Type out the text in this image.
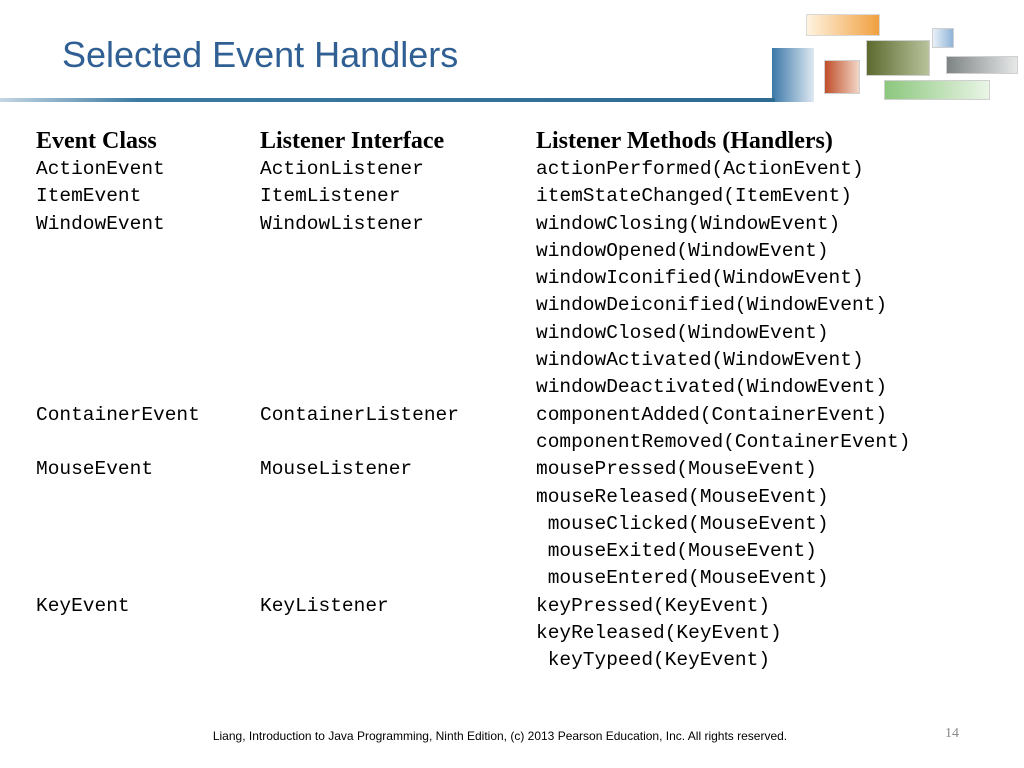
Selected Event Handlers
Event Class	Listener Interface	Listener Methods (Handlers)
ActionEvent	ActionListener	actionPerformed(ActionEvent)
ItemEvent	ItemListener	itemStateChanged(ItemEvent)
WindowEvent	WindowListener	windowClosing(WindowEvent)
windowOpened(WindowEvent)
windowIconified(WindowEvent)
windowDeiconified(WindowEvent)
windowClosed(WindowEvent)
windowActivated(WindowEvent)
windowDeactivated(WindowEvent)
ContainerEvent	ContainerListener	componentAdded(ContainerEvent)
componentRemoved(ContainerEvent)
MouseEvent	MouseListener	mousePressed(MouseEvent)
mouseReleased(MouseEvent)
mouseClicked(MouseEvent)
mouseExited(MouseEvent)
mouseEntered(MouseEvent)
KeyEvent	KeyListener	keyPressed(KeyEvent)
keyReleased(KeyEvent)
keyTypeed(KeyEvent)
Liang, Introduction to Java Programming, Ninth Edition, (c) 2013 Pearson Education, Inc. All rights reserved.	14
